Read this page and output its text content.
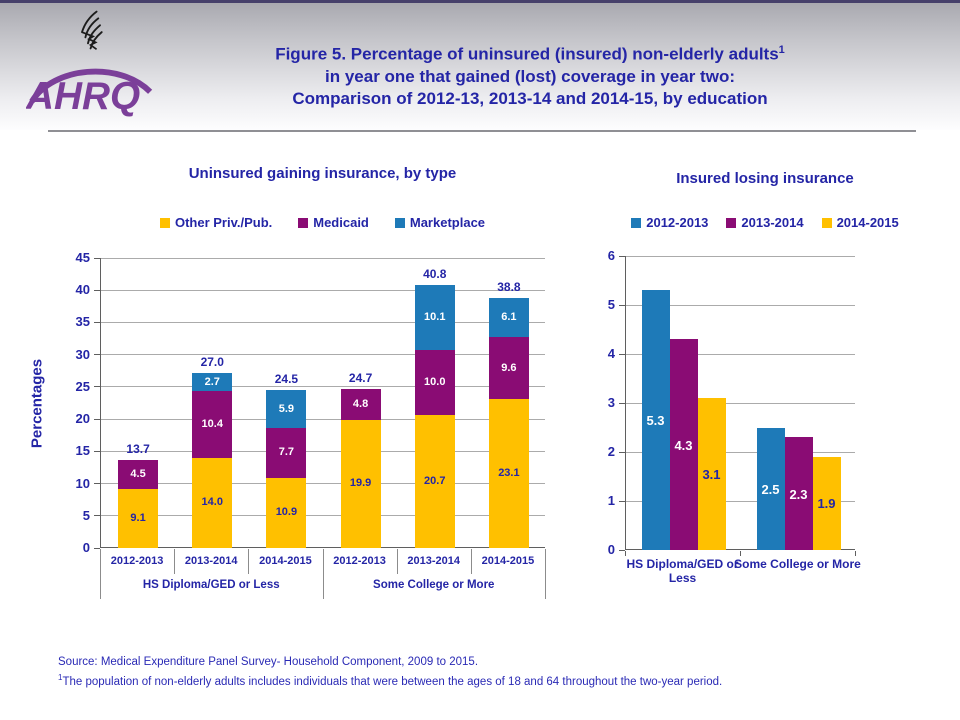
AHRQ
Figure 5. Percentage of uninsured (insured) non-elderly adults$^1$
in year one that gained (lost) coverage in year two:
Comparison of 2012-13, 2013-14 and 2014-15, by education
Uninsured gaining insurance, by type
Other Priv./Pub.	Medicaid	Marketplace
Percentages
0
5
10
15
20
25
30
35
40
45
9.1
4.5
13.7
14.0
10.4
2.7
27.0
10.9
7.7
5.9
24.5
19.9
4.8
24.7
20.7
10.0
10.1
40.8
23.1
9.6
6.1
38.8
2012-2013	2013-2014	2014-2015
HS Diploma/GED or Less
2012-2013	2013-2014	2014-2015
Some College or More
Insured losing insurance
2012-2013	2013-2014	2014-2015
0
1
2
3
4
5
6
5.3
4.3
3.1
2.5 2.3
1.9
HS Diploma/GED or Less
Some College or More
Source: Medical Expenditure Panel Survey- Household Component, 2009 to 2015.
$^1$The population of non-elderly adults includes individuals that were between the ages of 18 and 64 throughout the two-year period.
